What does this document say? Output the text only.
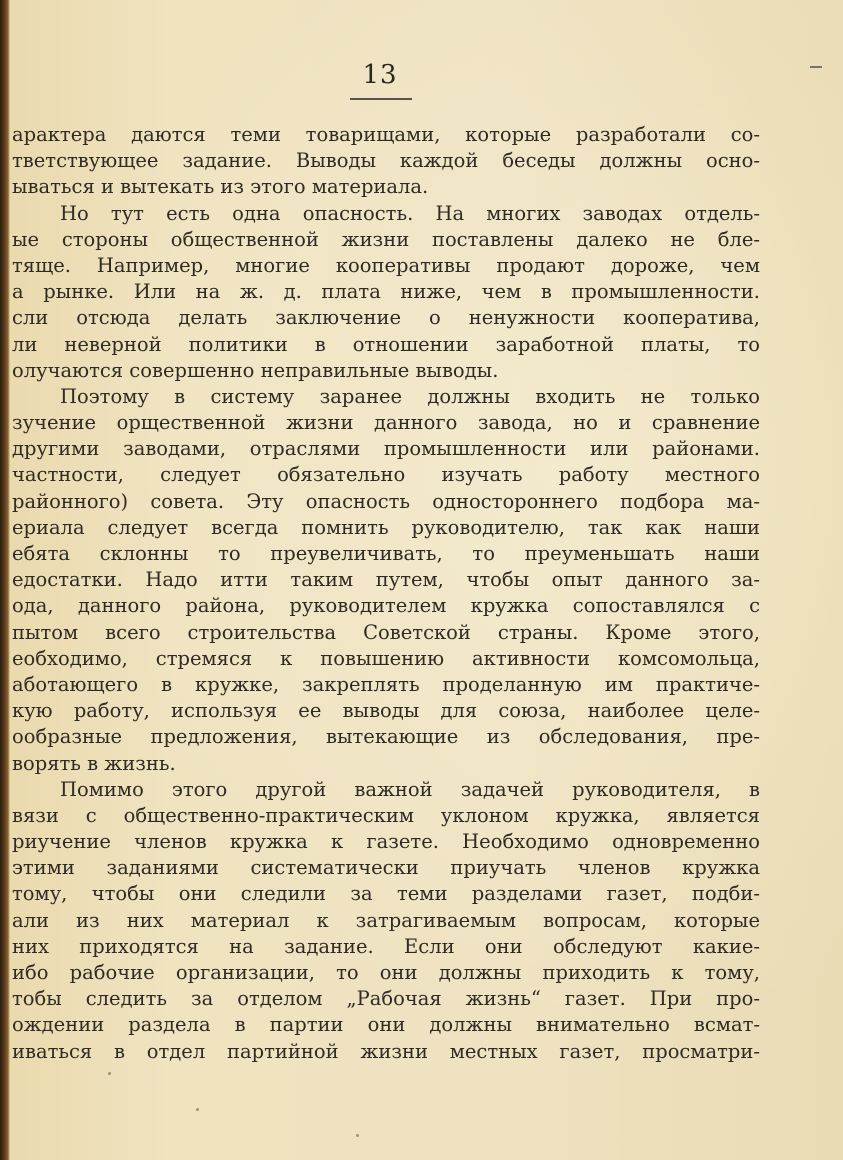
13
арактера даются теми товарищами, которые разработали со-
тветствующее задание. Выводы каждой беседы должны осно-
ываться и вытекать из этого материала.
Но тут есть одна опасность. На многих заводах отдель-
ые стороны общественной жизни поставлены далеко не бле-
тяще. Например, многие кооперативы продают дороже, чем
а рынке. Или на ж. д. плата ниже, чем в промышленности.
сли отсюда делать заключение о ненужности кооператива,
ли неверной политики в отношении заработной платы, то
олучаются совершенно неправильные выводы.
Поэтому в систему заранее должны входить не только
зучение орщественной жизни данного завода, но и сравнение
другими заводами, отраслями промышленности или районами.
частности, следует обязательно изучать работу местного
районного) совета. Эту опасность одностороннего подбора ма-
ериала следует всегда помнить руководителю, так как наши
ебята склонны то преувеличивать, то преуменьшать наши
едостатки. Надо итти таким путем, чтобы опыт данного за-
ода, данного района, руководителем кружка сопоставлялся с
пытом всего строительства Советской страны. Кроме этого,
еобходимо, стремяся к повышению активности комсомольца,
аботающего в кружке, закреплять проделанную им практиче-
кую работу, используя ее выводы для союза, наиболее целе-
ообразные предложения, вытекающие из обследования, пре-
ворять в жизнь.
Помимо этого другой важной задачей руководителя, в
вязи с общественно-практическим уклоном кружка, является
риучение членов кружка к газете. Необходимо одновременно
этими заданиями систематически приучать членов кружка
тому, чтобы они следили за теми разделами газет, подби-
али из них материал к затрагиваемым вопросам, которые
них приходятся на задание. Если они обследуют какие-
ибо рабочие организации, то они должны приходить к тому,
тобы следить за отделом „Рабочая жизнь“ газет. При про-
ождении раздела в партии они должны внимательно всмат-
иваться в отдел партийной жизни местных газет, просматри-
